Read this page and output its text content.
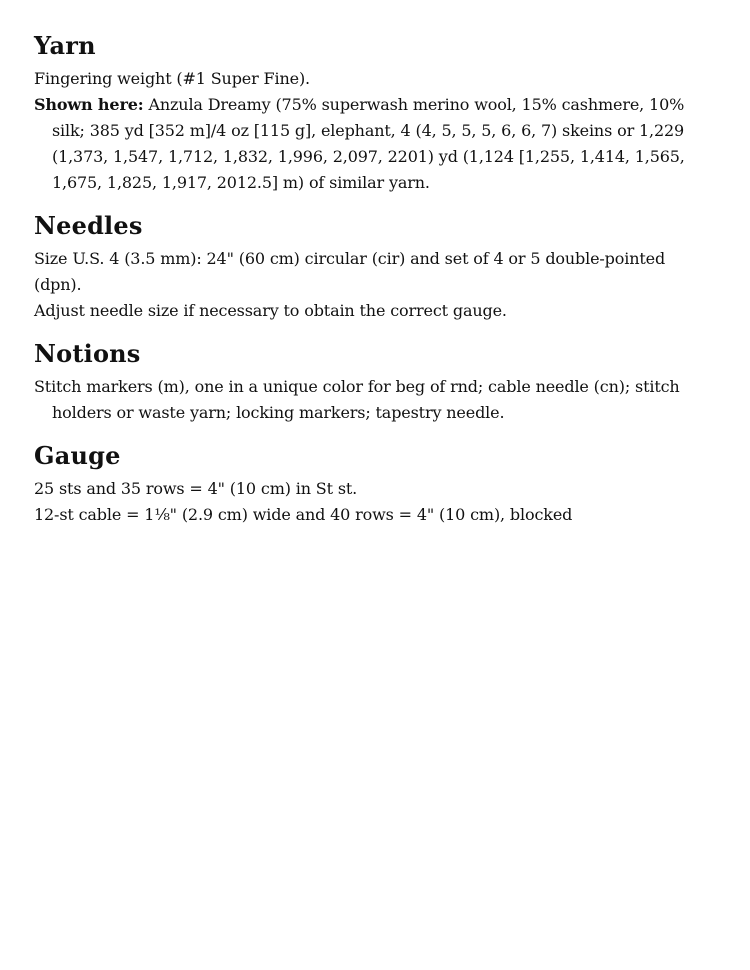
Yarn

Fingering weight (#1 Super Fine).

Shown here: Anzula Dreamy (75% superwash merino wool, 15% cashmere, 10% silk; 385 yd [352 m]/4 oz [115 g], elephant, 4 (4, 5, 5, 5, 6, 6, 7) skeins or 1,229 (1,373, 1,547, 1,712, 1,832, 1,996, 2,097, 2201) yd (1,124 [1,255, 1,414, 1,565, 1,675, 1,825, 1,917, 2012.5] m) of similar yarn.

Needles

Size U.S. 4 (3.5 mm): 24" (60 cm) circular (cir) and set of 4 or 5 double-pointed (dpn).

Adjust needle size if necessary to obtain the correct gauge.

Notions

Stitch markers (m), one in a unique color for beg of rnd; cable needle (cn); stitch holders or waste yarn; locking markers; tapestry needle.

Gauge

25 sts and 35 rows = 4" (10 cm) in St st.

12-st cable = 1⅛" (2.9 cm) wide and 40 rows = 4" (10 cm), blocked
